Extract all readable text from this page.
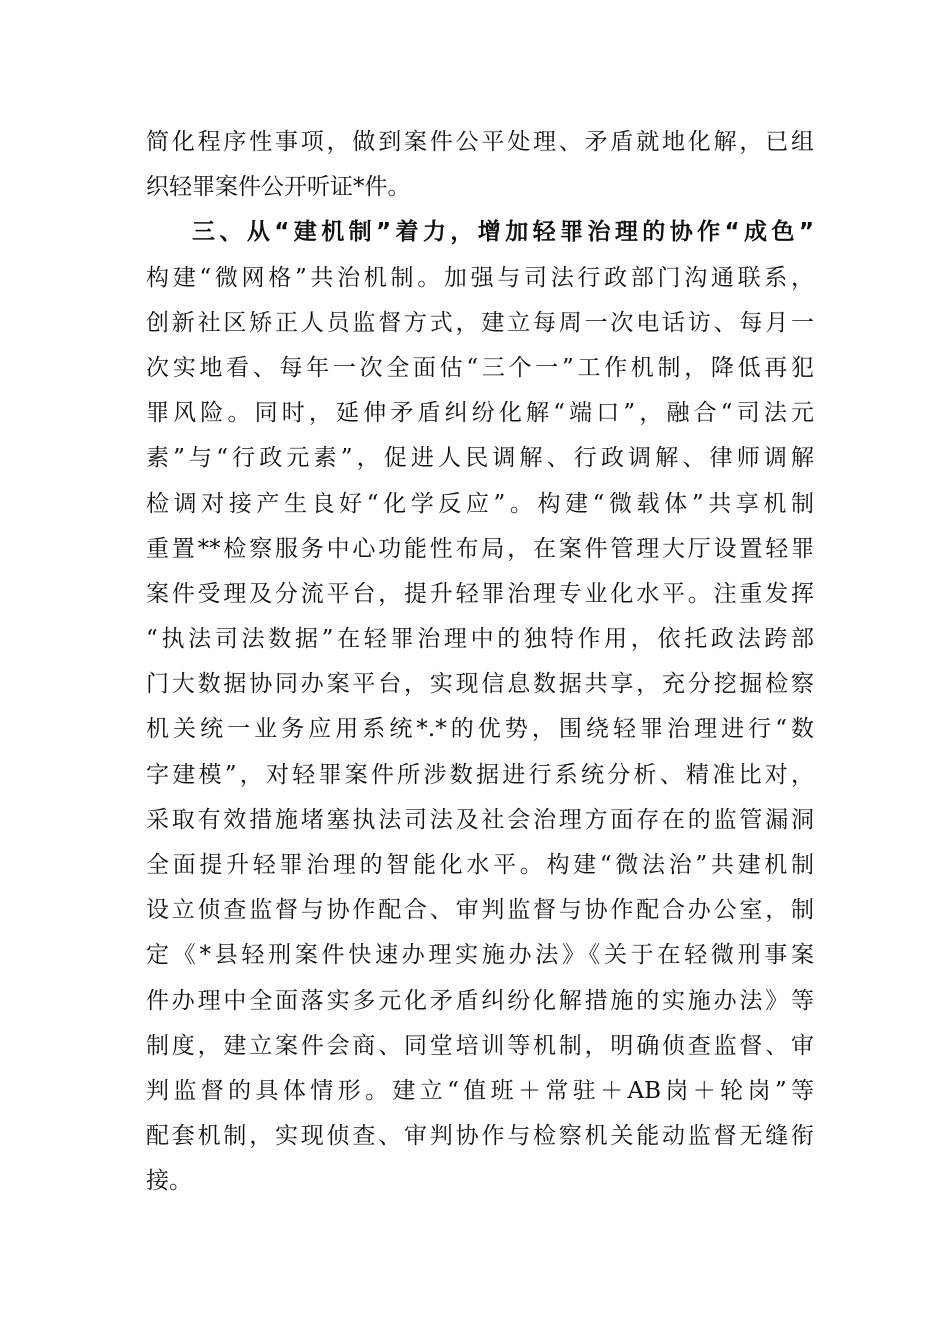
简化程序性事项，做到案件公平处理、矛盾就地化解，已组
织轻罪案件公开听证*件。
三、从“建机制”着力，增加轻罪治理的协作“成色”
构建“微网格”共治机制。加强与司法行政部门沟通联系，
创新社区矫正人员监督方式，建立每周一次电话访、每月一
次实地看、每年一次全面估“三个一”工作机制，降低再犯
罪风险。同时，延伸矛盾纠纷化解“端口”，融合“司法元
素”与“行政元素”，促进人民调解、行政调解、律师调解
检调对接产生良好“化学反应”。构建“微载体”共享机制
重置**检察服务中心功能性布局，在案件管理大厅设置轻罪
案件受理及分流平台，提升轻罪治理专业化水平。注重发挥
“执法司法数据”在轻罪治理中的独特作用，依托政法跨部
门大数据协同办案平台，实现信息数据共享，充分挖掘检察
机关统一业务应用系统*.*的优势，围绕轻罪治理进行“数
字建模”，对轻罪案件所涉数据进行系统分析、精准比对，
采取有效措施堵塞执法司法及社会治理方面存在的监管漏洞
全面提升轻罪治理的智能化水平。构建“微法治”共建机制
设立侦查监督与协作配合、审判监督与协作配合办公室，制
定《*县轻刑案件快速办理实施办法》《关于在轻微刑事案
件办理中全面落实多元化矛盾纠纷化解措施的实施办法》等
制度，建立案件会商、同堂培训等机制，明确侦查监督、审
判监督的具体情形。建立“值班＋常驻＋AB岗＋轮岗”等
配套机制，实现侦查、审判协作与检察机关能动监督无缝衔
接。
